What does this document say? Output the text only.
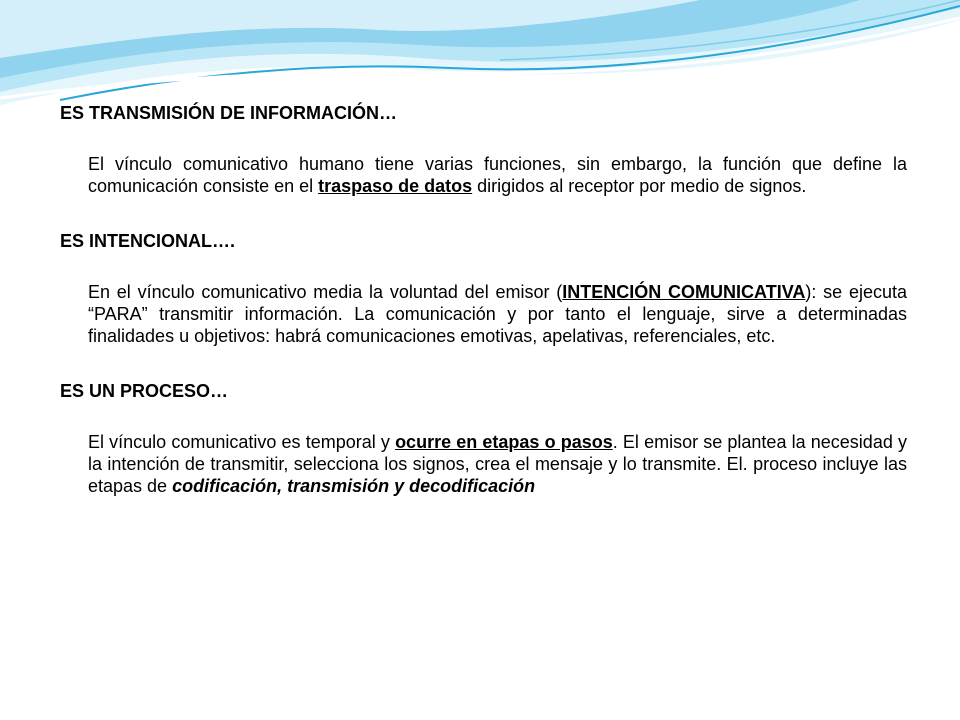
ES TRANSMISIÓN DE INFORMACIÓN…

El vínculo comunicativo humano tiene varias funciones, sin embargo, la función que define la comunicación consiste en el traspaso de datos dirigidos al receptor por medio de signos.

ES INTENCIONAL….

En el vínculo comunicativo media la voluntad del emisor (INTENCIÓN COMUNICATIVA): se ejecuta “PARA” transmitir información. La comunicación y por tanto el lenguaje, sirve a determinadas finalidades u objetivos: habrá comunicaciones emotivas, apelativas, referenciales, etc.

ES UN PROCESO…

El vínculo comunicativo es temporal y ocurre en etapas o pasos. El emisor se plantea la necesidad y la intención de transmitir, selecciona los signos, crea el mensaje y lo transmite. El. proceso incluye las etapas de codificación, transmisión y decodificación
